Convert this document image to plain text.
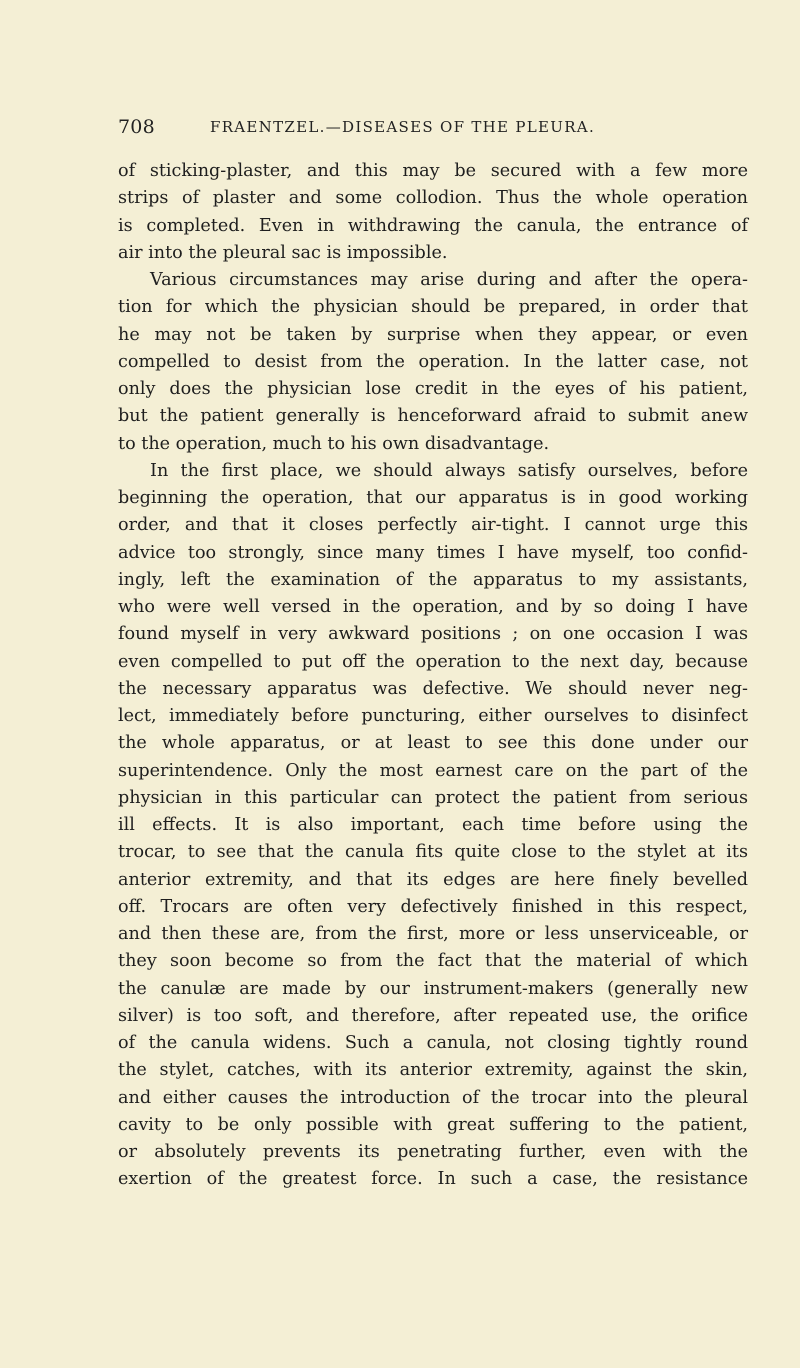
708	FRAENTZEL.—DISEASES OF THE PLEURA.
of sticking-plaster, and this may be secured with a few more
strips of plaster and some collodion. Thus the whole operation
is completed. Even in withdrawing the canula, the entrance of
air into the pleural sac is impossible.
Various circumstances may arise during and after the opera-
tion for which the physician should be prepared, in order that
he may not be taken by surprise when they appear, or even
compelled to desist from the operation. In the latter case, not
only does the physician lose credit in the eyes of his patient,
but the patient generally is henceforward afraid to submit anew
to the operation, much to his own disadvantage.
In the first place, we should always satisfy ourselves, before
beginning the operation, that our apparatus is in good working
order, and that it closes perfectly air-tight. I cannot urge this
advice too strongly, since many times I have myself, too confid-
ingly, left the examination of the apparatus to my assistants,
who were well versed in the operation, and by so doing I have
found myself in very awkward positions ; on one occasion I was
even compelled to put off the operation to the next day, because
the necessary apparatus was defective. We should never neg-
lect, immediately before puncturing, either ourselves to disinfect
the whole apparatus, or at least to see this done under our
superintendence. Only the most earnest care on the part of the
physician in this particular can protect the patient from serious
ill effects. It is also important, each time before using the
trocar, to see that the canula fits quite close to the stylet at its
anterior extremity, and that its edges are here finely bevelled
off. Trocars are often very defectively finished in this respect,
and then these are, from the first, more or less unserviceable, or
they soon become so from the fact that the material of which
the canulæ are made by our instrument-makers (generally new
silver) is too soft, and therefore, after repeated use, the orifice
of the canula widens. Such a canula, not closing tightly round
the stylet, catches, with its anterior extremity, against the skin,
and either causes the introduction of the trocar into the pleural
cavity to be only possible with great suffering to the patient,
or absolutely prevents its penetrating further, even with the
exertion of the greatest force. In such a case, the resistance
